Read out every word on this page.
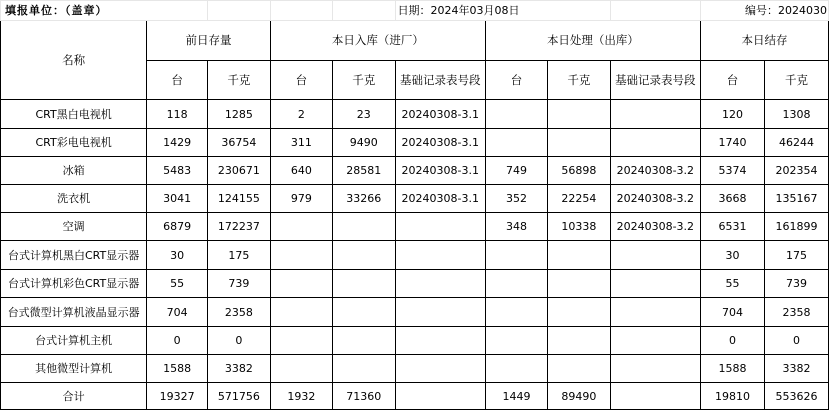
填报单位：（盖章）					日期：2024年03月08日				编号：2024030	
名称	前日存量		本日入库（进厂）			本日处理（出库）			本日结存	
	台	千克	台	千克	基础记录表号段	台	千克	基础记录表号段	台	千克
CRT黑白电视机	118	1285	2	23	20240308-3.1				120	1308
CRT彩电电视机	1429	36754	311	9490	20240308-3.1				1740	46244
冰箱	5483	230671	640	28581	20240308-3.1	749	56898	20240308-3.2	5374	202354
洗衣机	3041	124155	979	33266	20240308-3.1	352	22254	20240308-3.2	3668	135167
空调	6879	172237				348	10338	20240308-3.2	6531	161899
台式计算机黑白CRT显示器	30	175							30	175
台式计算机彩色CRT显示器	55	739							55	739
台式微型计算机液晶显示器	704	2358							704	2358
台式计算机主机	0	0							0	0
其他微型计算机	1588	3382							1588	3382
合计	19327	571756	1932	71360		1449	89490		19810	553626
